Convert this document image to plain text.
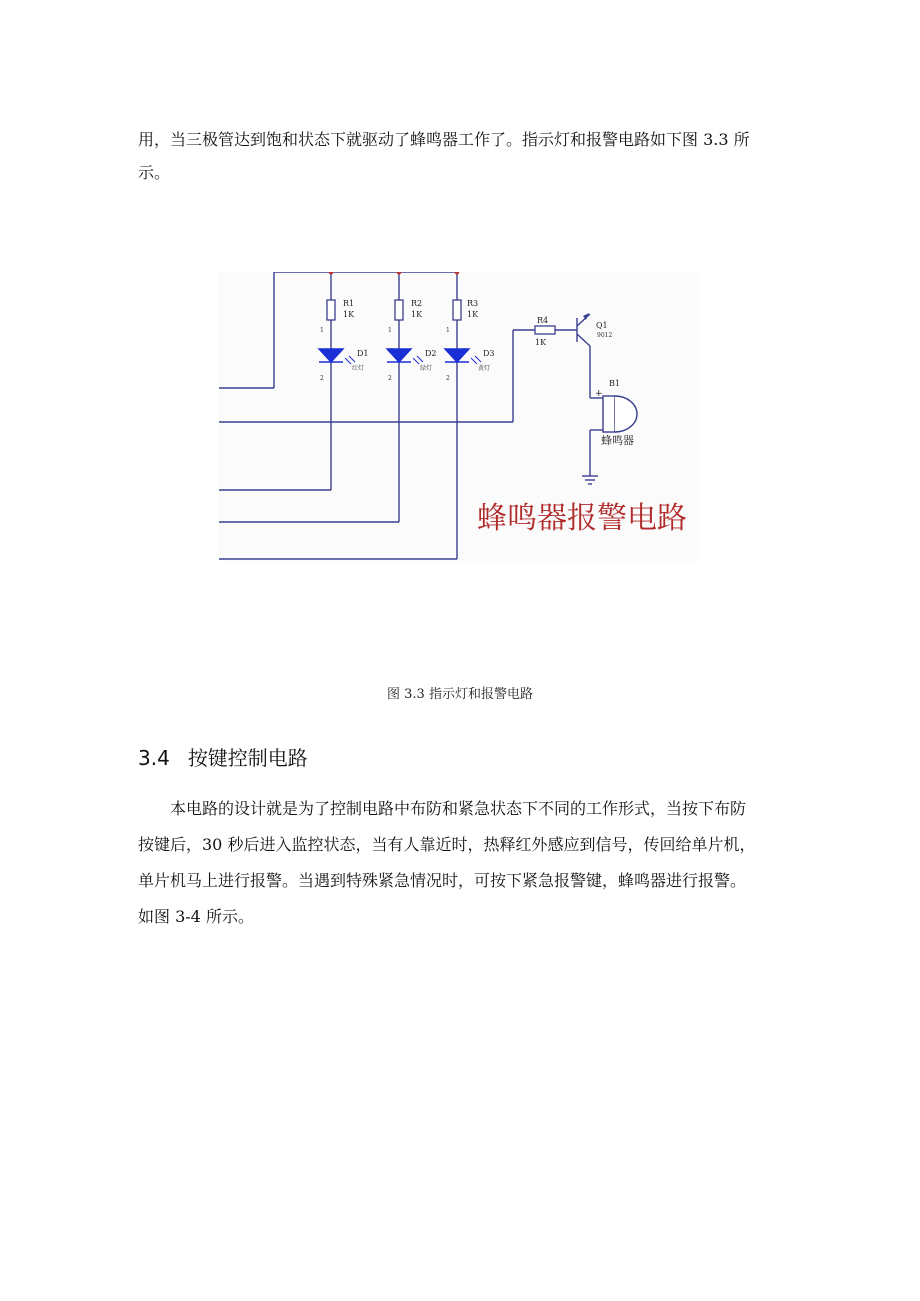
用，当三极管达到饱和状态下就驱动了蜂鸣器工作了。指示灯和报警电路如下图 3.3 所
示。

R1
1K
R2
1K
R3
1K
R4
1K
D1	D2	D3
Q1
B1
红灯	绿灯	黄灯
9012
1
2
1
2
1
2
+
蜂鸣器
蜂鸣器报警电路
图 3.3 指示灯和报警电路
3.4 按键控制电路

本电路的设计就是为了控制电路中布防和紧急状态下不同的工作形式，当按下布防
按键后，30 秒后进入监控状态，当有人靠近时，热释红外感应到信号，传回给单片机，
单片机马上进行报警。当遇到特殊紧急情况时，可按下紧急报警键，蜂鸣器进行报警。
如图 3-4 所示。
